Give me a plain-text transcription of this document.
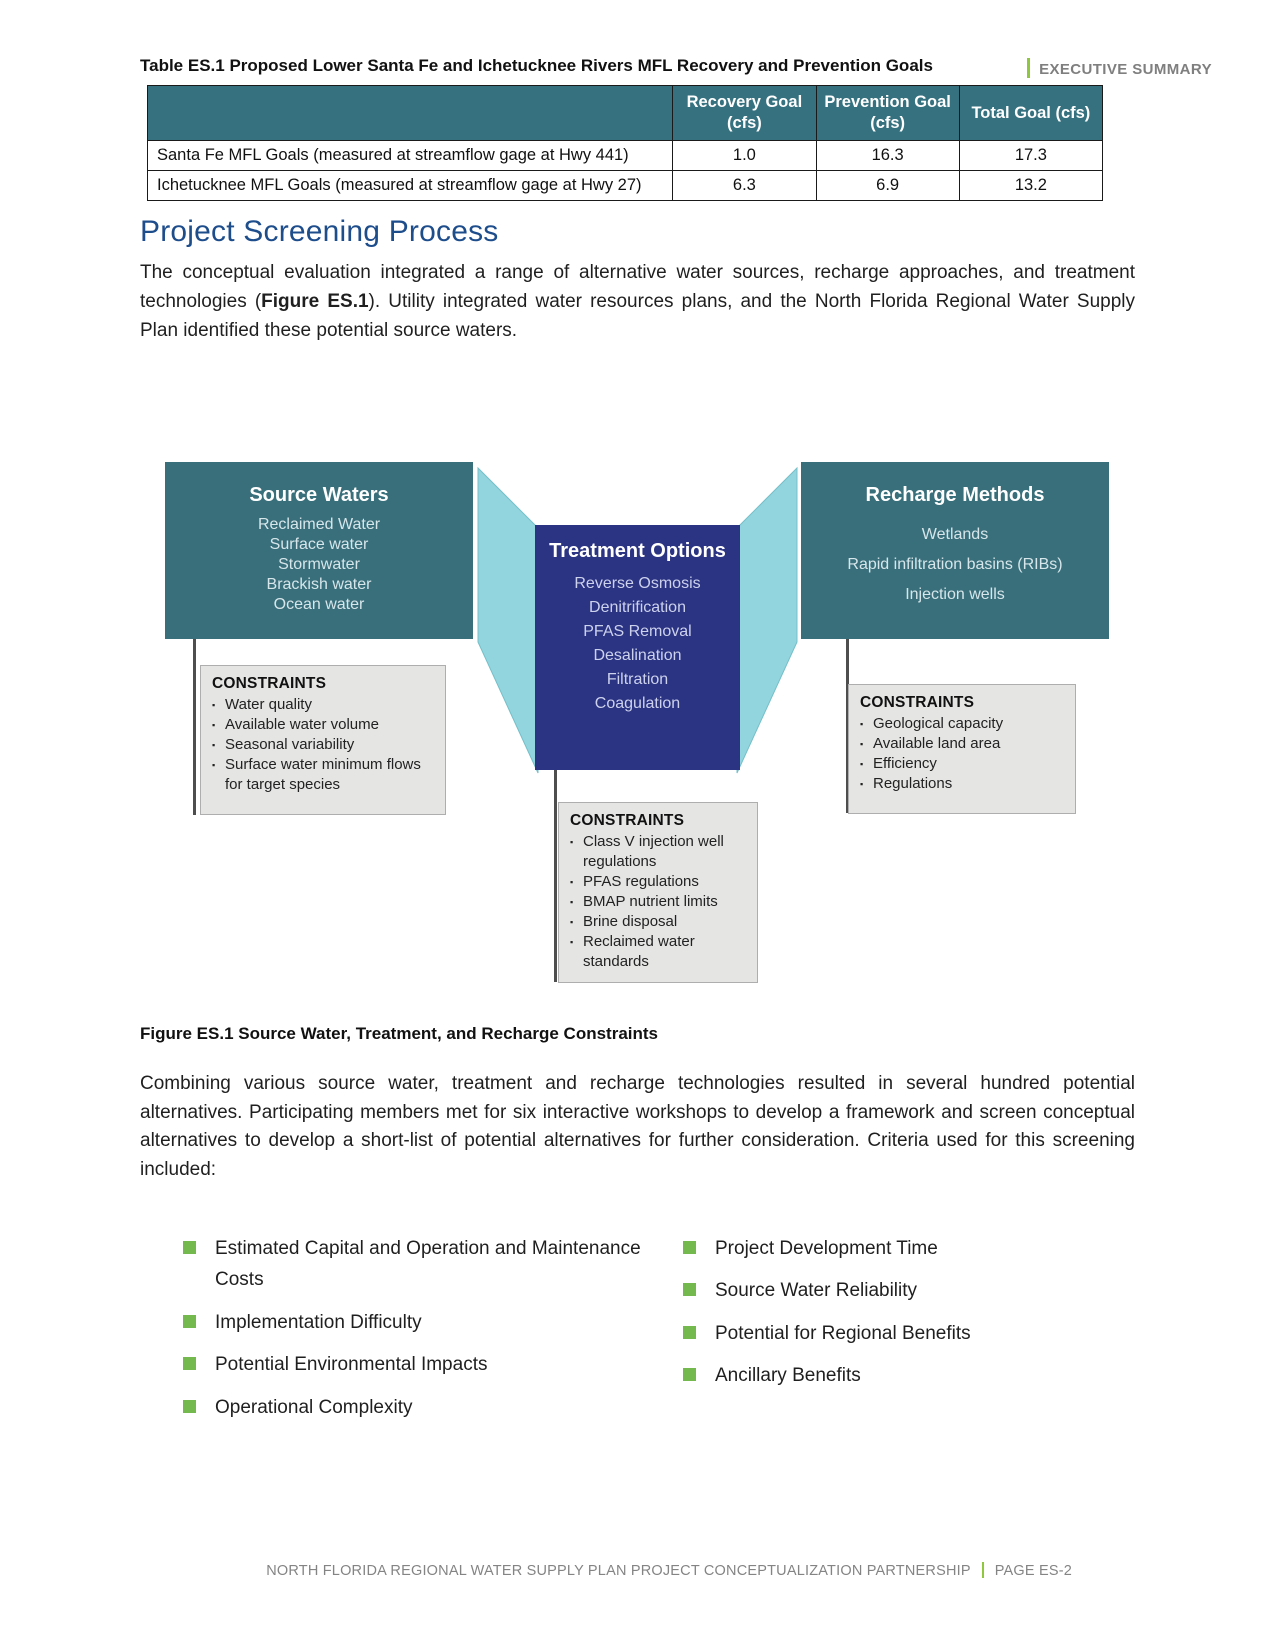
EXECUTIVE SUMMARY
Table ES.1 Proposed Lower Santa Fe and Ichetucknee Rivers MFL Recovery and Prevention Goals
	Recovery Goal (cfs)	Prevention Goal (cfs)	Total Goal (cfs)
Santa Fe MFL Goals (measured at streamflow gage at Hwy 441)	1.0	16.3	17.3
Ichetucknee MFL Goals (measured at streamflow gage at Hwy 27)	6.3	6.9	13.2
Project Screening Process

The conceptual evaluation integrated a range of alternative water sources, recharge approaches, and treatment technologies (Figure ES.1). Utility integrated water resources plans, and the North Florida Regional Water Supply Plan identified these potential source waters.

Source Waters
Reclaimed Water
Surface water
Stormwater
Brackish water
Ocean water
Treatment Options
Reverse Osmosis
Denitrification
PFAS Removal
Desalination
Filtration
Coagulation
Recharge Methods
Wetlands
Rapid infiltration basins (RIBs)
Injection wells
CONSTRAINTS
▪ Water quality
▪ Available water volume
▪ Seasonal variability
▪ Surface water minimum flows for target species
CONSTRAINTS
▪ Class V injection well regulations
▪ PFAS regulations
▪ BMAP nutrient limits
▪ Brine disposal
▪ Reclaimed water standards
CONSTRAINTS
▪ Geological capacity
▪ Available land area
▪ Efficiency
▪ Regulations
Figure ES.1 Source Water, Treatment, and Recharge Constraints

Combining various source water, treatment and recharge technologies resulted in several hundred potential alternatives. Participating members met for six interactive workshops to develop a framework and screen conceptual alternatives to develop a short-list of potential alternatives for further consideration. Criteria used for this screening included:

Estimated Capital and Operation and Maintenance Costs
Implementation Difficulty
Potential Environmental Impacts
Operational Complexity
Project Development Time
Source Water Reliability
Potential for Regional Benefits
Ancillary Benefits
NORTH FLORIDA REGIONAL WATER SUPPLY PLAN PROJECT CONCEPTUALIZATION PARTNERSHIP PAGE ES-2
